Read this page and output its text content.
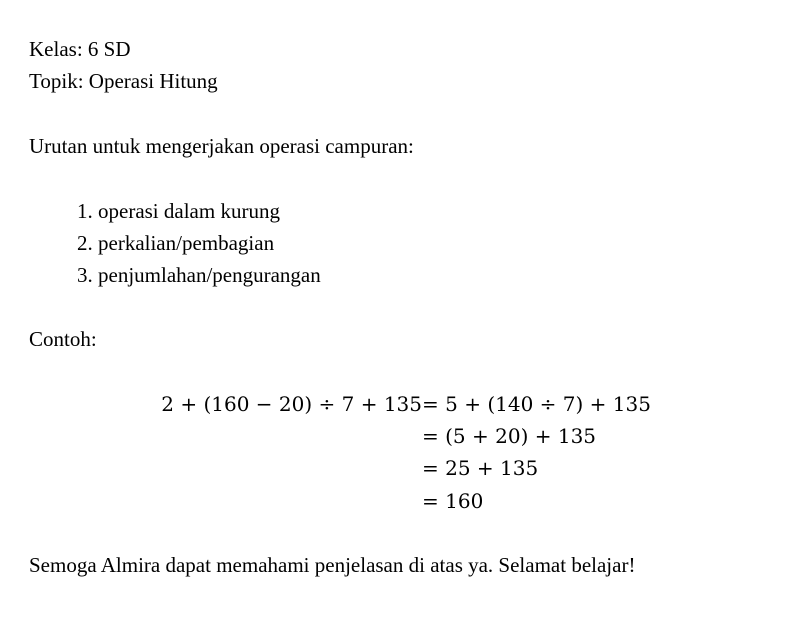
Kelas: 6 SD
Topik: Operasi Hitung
Urutan untuk mengerjakan operasi campuran:
1. operasi dalam kurung
2. perkalian/pembagian
3. penjumlahan/pengurangan
Contoh:
2 + (160 − 20) ÷ 7 + 135 = 5 + (140 ÷ 7) + 135
= (5 + 20) + 135
= 25 + 135
= 160
Semoga Almira dapat memahami penjelasan di atas ya. Selamat belajar!
